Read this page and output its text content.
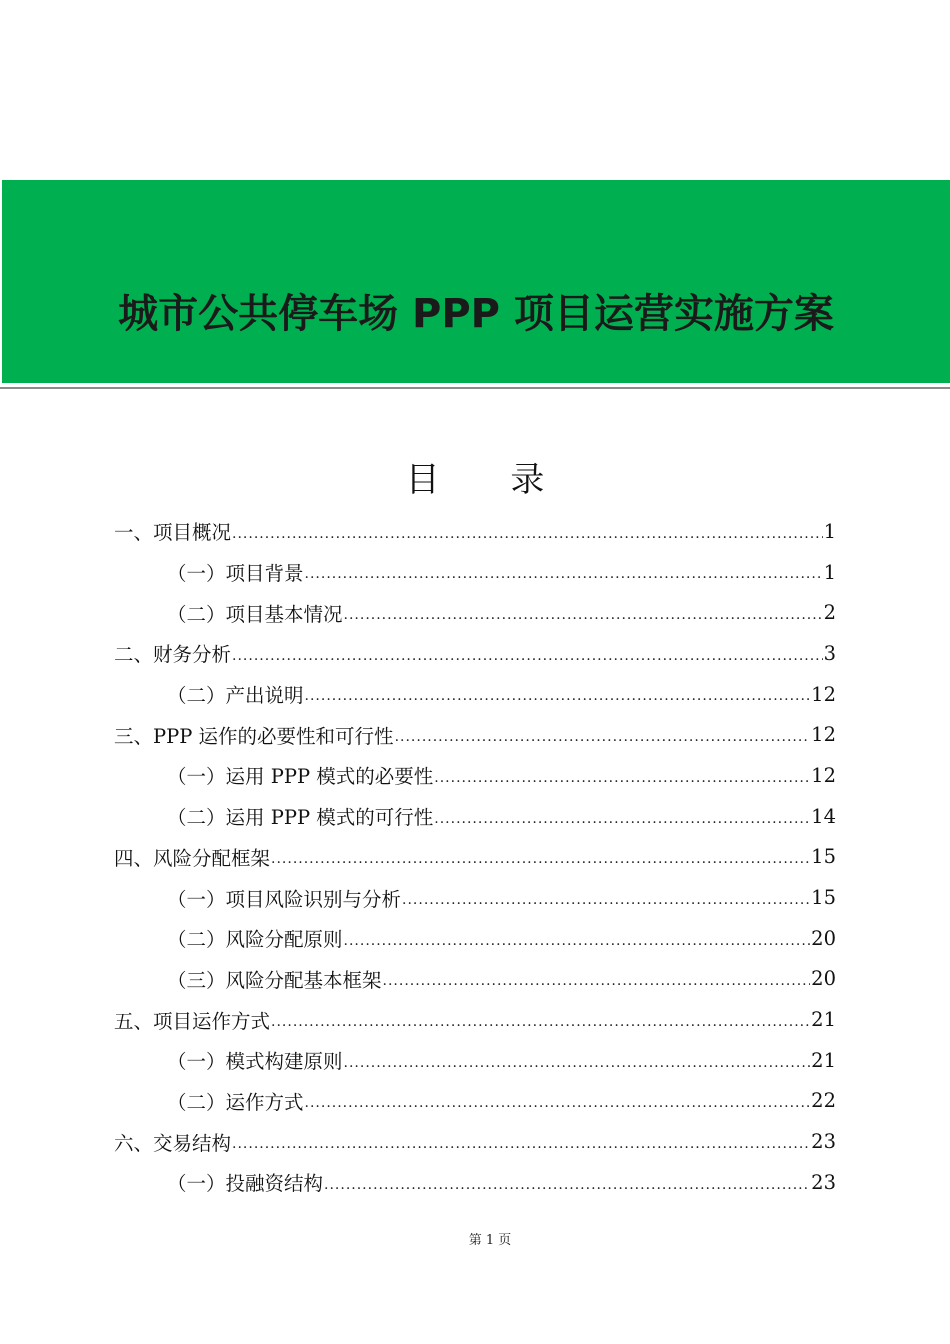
城市公共停车场 PPP 项目运营实施方案
目 录
一、项目概况 .....	1
（一）项目背景 .....	1
（二）项目基本情况 .....	2
二、财务分析 .....	3
（二）产出说明 .....	12
三、PPP 运作的必要性和可行性 .....	12
（一）运用 PPP 模式的必要性 .....	12
（二）运用 PPP 模式的可行性 .....	14
四、风险分配框架 .....	15
（一）项目风险识别与分析 .....	15
（二）风险分配原则 .....	20
（三）风险分配基本框架 .....	20
五、项目运作方式 .....	21
（一）模式构建原则 .....	21
（二）运作方式 .....	22
六、交易结构 .....	23
（一）投融资结构 .....	23
第 1 页
